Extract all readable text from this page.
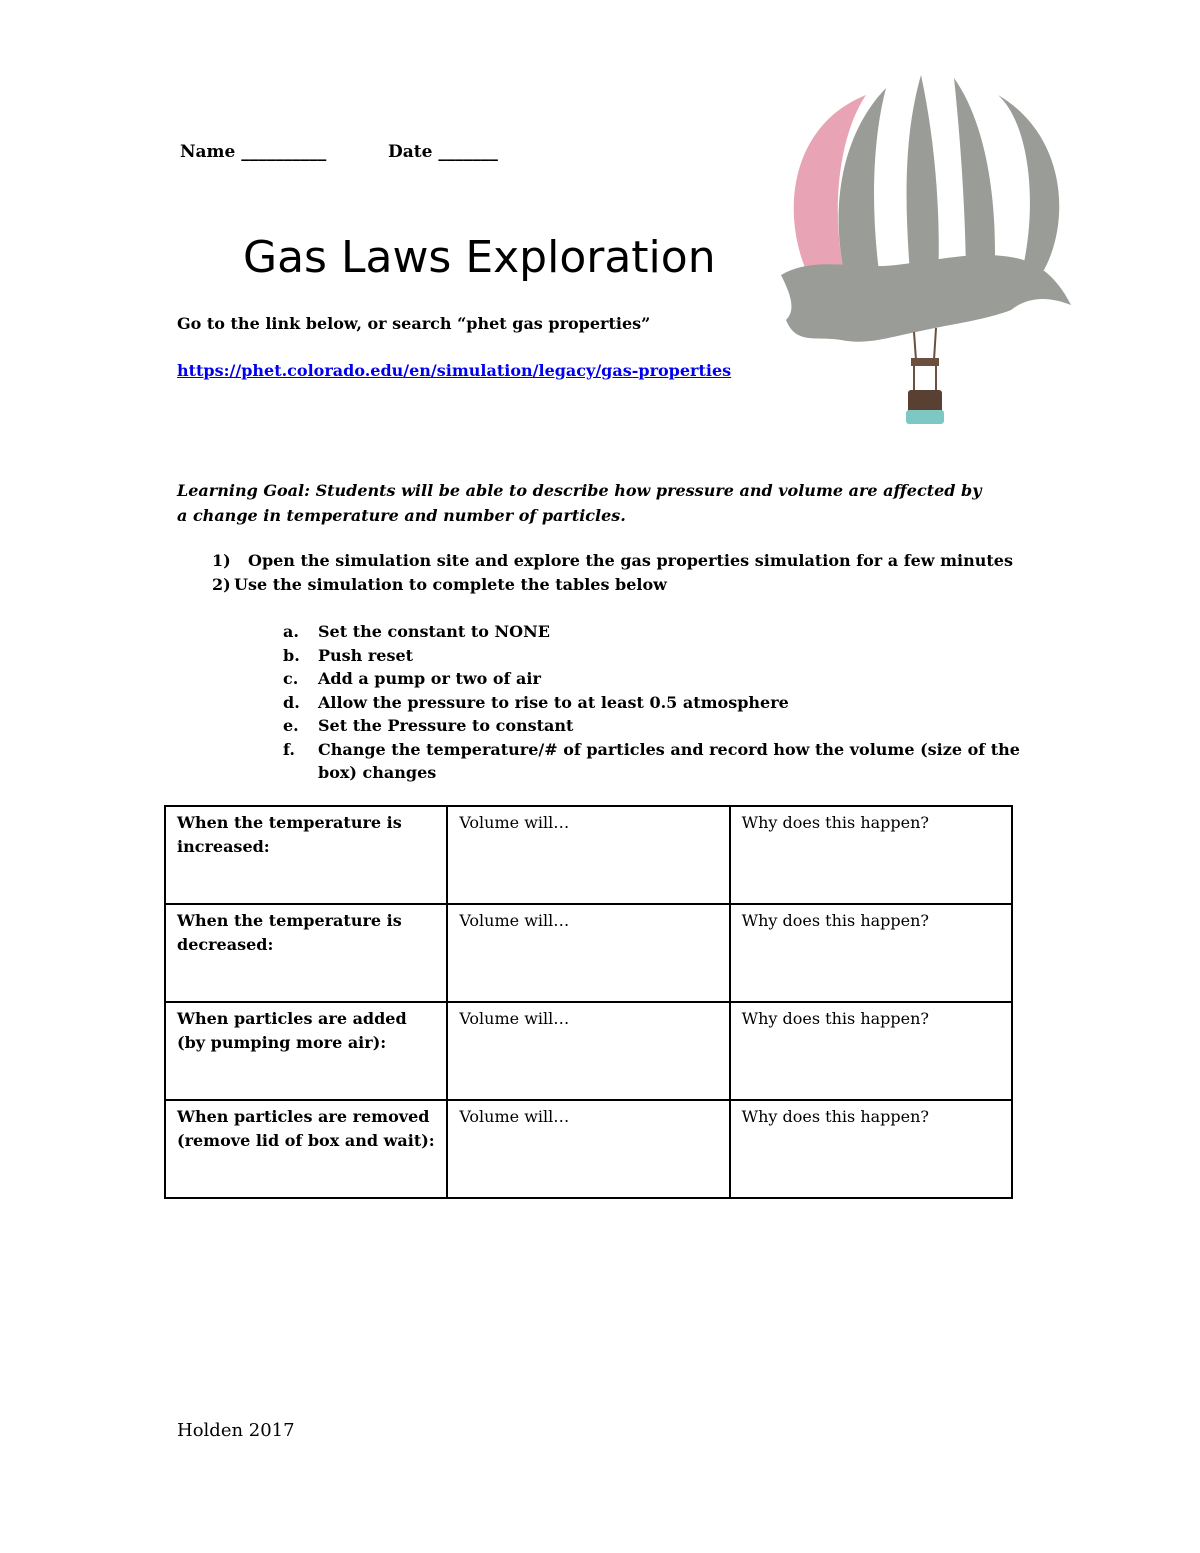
Name __________	Date _______
Gas Laws Exploration
Go to the link below, or search “phet gas properties”
https://phet.colorado.edu/en/simulation/legacy/gas-properties
Learning Goal: Students will be able to describe how pressure and volume are affected by a change in temperature and number of particles.
1)	Open the simulation site and explore the gas properties simulation for a few minutes
2) Use the simulation to complete the tables below
a.	Set the constant to NONE
b.	Push reset
c.	Add a pump or two of air
d.	Allow the pressure to rise to at least 0.5 atmosphere
e.	Set the Pressure to constant
f.	Change the temperature/# of particles and record how the volume (size of the box) changes
When the temperature is increased:	Volume will…	Why does this happen?
When the temperature is decreased:	Volume will…	Why does this happen?
When particles are added (by pumping more air):	Volume will…	Why does this happen?
When particles are removed (remove lid of box and wait):	Volume will…	Why does this happen?
Holden 2017
